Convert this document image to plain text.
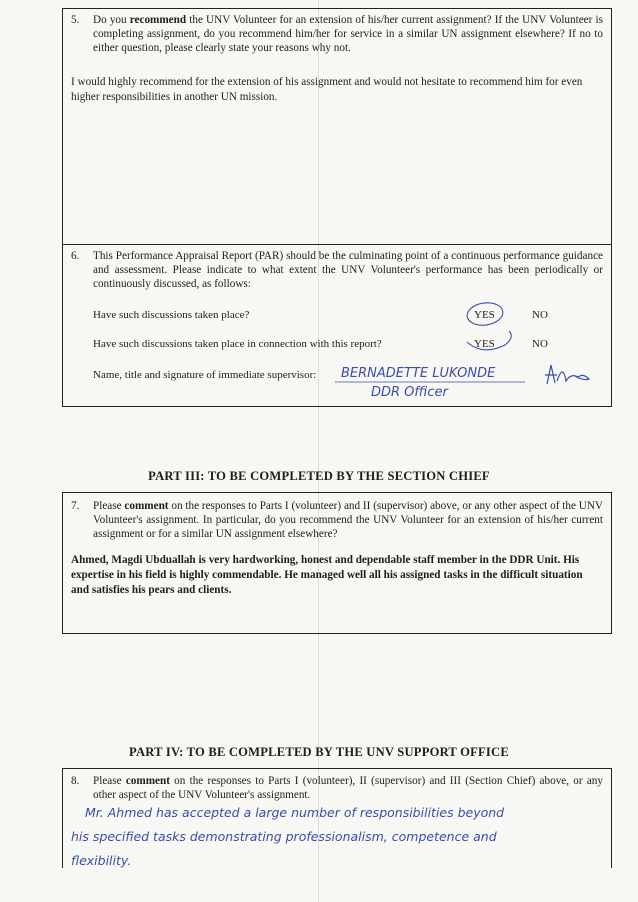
5. Do you recommend the UNV Volunteer for an extension of his/her current assignment? If the UNV Volunteer is completing assignment, do you recommend him/her for service in a similar UN assignment elsewhere? If no to either question, please clearly state your reasons why not.
I would highly recommend for the extension of his assignment and would not hesitate to recommend him for even higher responsibilities in another UN mission.
6. This Performance Appraisal Report (PAR) should be the culminating point of a continuous performance guidance and assessment. Please indicate to what extent the UNV Volunteer's performance has been periodically or continuously discussed, as follows:
Have such discussions taken place?	YES	NO
Have such discussions taken place in connection with this report?	YES	NO
Name, title and signature of immediate supervisor: BERNADETTE LUKONDE
DDR Officer
PART III: TO BE COMPLETED BY THE SECTION CHIEF
7. Please comment on the responses to Parts I (volunteer) and II (supervisor) above, or any other aspect of the UNV Volunteer's assignment. In particular, do you recommend the UNV Volunteer for an extension of his/her current assignment or for a similar UN assignment elsewhere?
Ahmed, Magdi Ubduallah is very hardworking, honest and dependable staff member in the DDR Unit. His expertise in his field is highly commendable. He managed well all his assigned tasks in the difficult situation and satisfies his pears and clients.
PART IV: TO BE COMPLETED BY THE UNV SUPPORT OFFICE
8. Please comment on the responses to Parts I (volunteer), II (supervisor) and III (Section Chief) above, or any other aspect of the UNV Volunteer's assignment.
Mr. Ahmed has accepted a large number of responsibilities beyond
his specified tasks demonstrating professionalism, competence and
flexibility.
